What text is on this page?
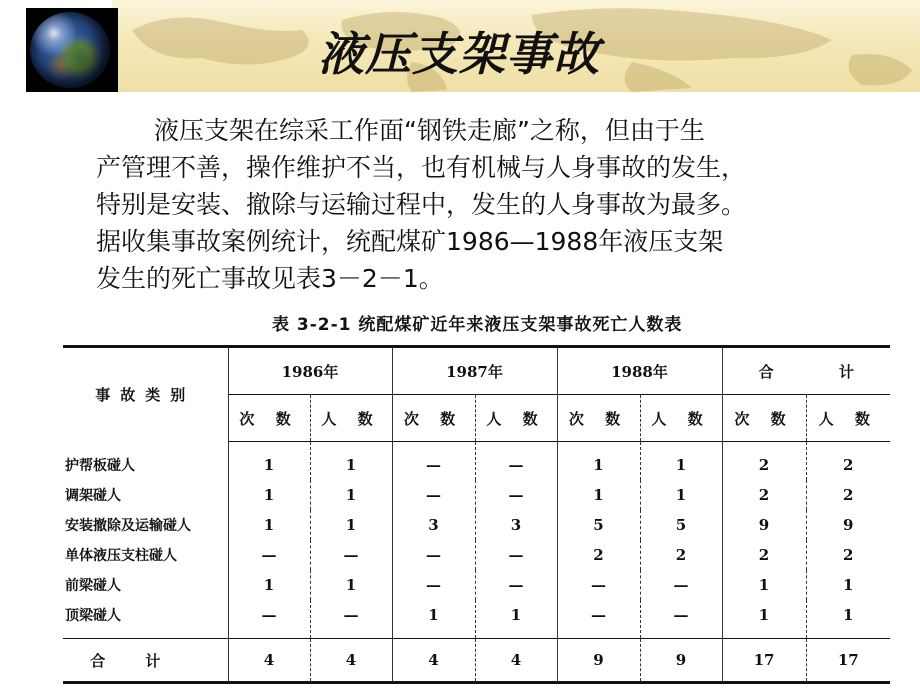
液压支架事故
液压支架在综采工作面“钢铁走廊”之称，但由于生
产管理不善，操作维护不当，也有机械与人身事故的发生，
特别是安装、撤除与运输过程中，发生的人身事故为最多。
据收集事故案例统计，统配煤矿1986—1988年液压支架
发生的死亡事故见表3－2－1。
表 3-2-1 统配煤矿近年来液压支架事故死亡人数表
事故类别	1986年		1987年		1988年		合 计	
	次 数	人 数	次 数	人 数	次 数	人 数	次 数	人 数
护帮板碰人	1	1	—	—	1	1	2	2
调架碰人	1	1	—	—	1	1	2	2
安装撤除及运输碰人	1	1	3	3	5	5	9	9
单体液压支柱碰人	—	—	—	—	2	2	2	2
前梁碰人	1	1	—	—	—	—	1	1
顶梁碰人	—	—	1	1	—	—	1	1
合计	4	4	4	4	9	9	17	17
